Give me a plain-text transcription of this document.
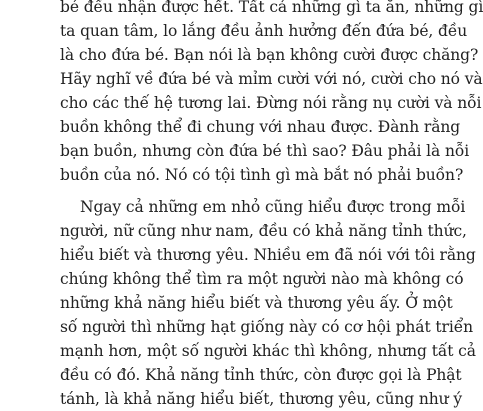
bé đều nhận được hết. Tất cả những gì ta ăn, những gì
ta quan tâm, lo lắng đều ảnh hưởng đến đứa bé, đều
là cho đứa bé. Bạn nói là bạn không cười được chăng?
Hãy nghĩ về đứa bé và mỉm cười với nó, cười cho nó và
cho các thế hệ tương lai. Đừng nói rằng nụ cười và nỗi
buồn không thể đi chung với nhau được. Đành rằng
bạn buồn, nhưng còn đứa bé thì sao? Đâu phải là nỗi
buồn của nó. Nó có tội tình gì mà bắt nó phải buồn?
Ngay cả những em nhỏ cũng hiểu được trong mỗi
người, nữ cũng như nam, đều có khả năng tỉnh thức,
hiểu biết và thương yêu. Nhiều em đã nói với tôi rằng
chúng không thể tìm ra một người nào mà không có
những khả năng hiểu biết và thương yêu ấy. Ở một
số người thì những hạt giống này có cơ hội phát triển
mạnh hơn, một số người khác thì không, nhưng tất cả
đều có đó. Khả năng tỉnh thức, còn được gọi là Phật
tánh, là khả năng hiểu biết, thương yêu, cũng như ý
